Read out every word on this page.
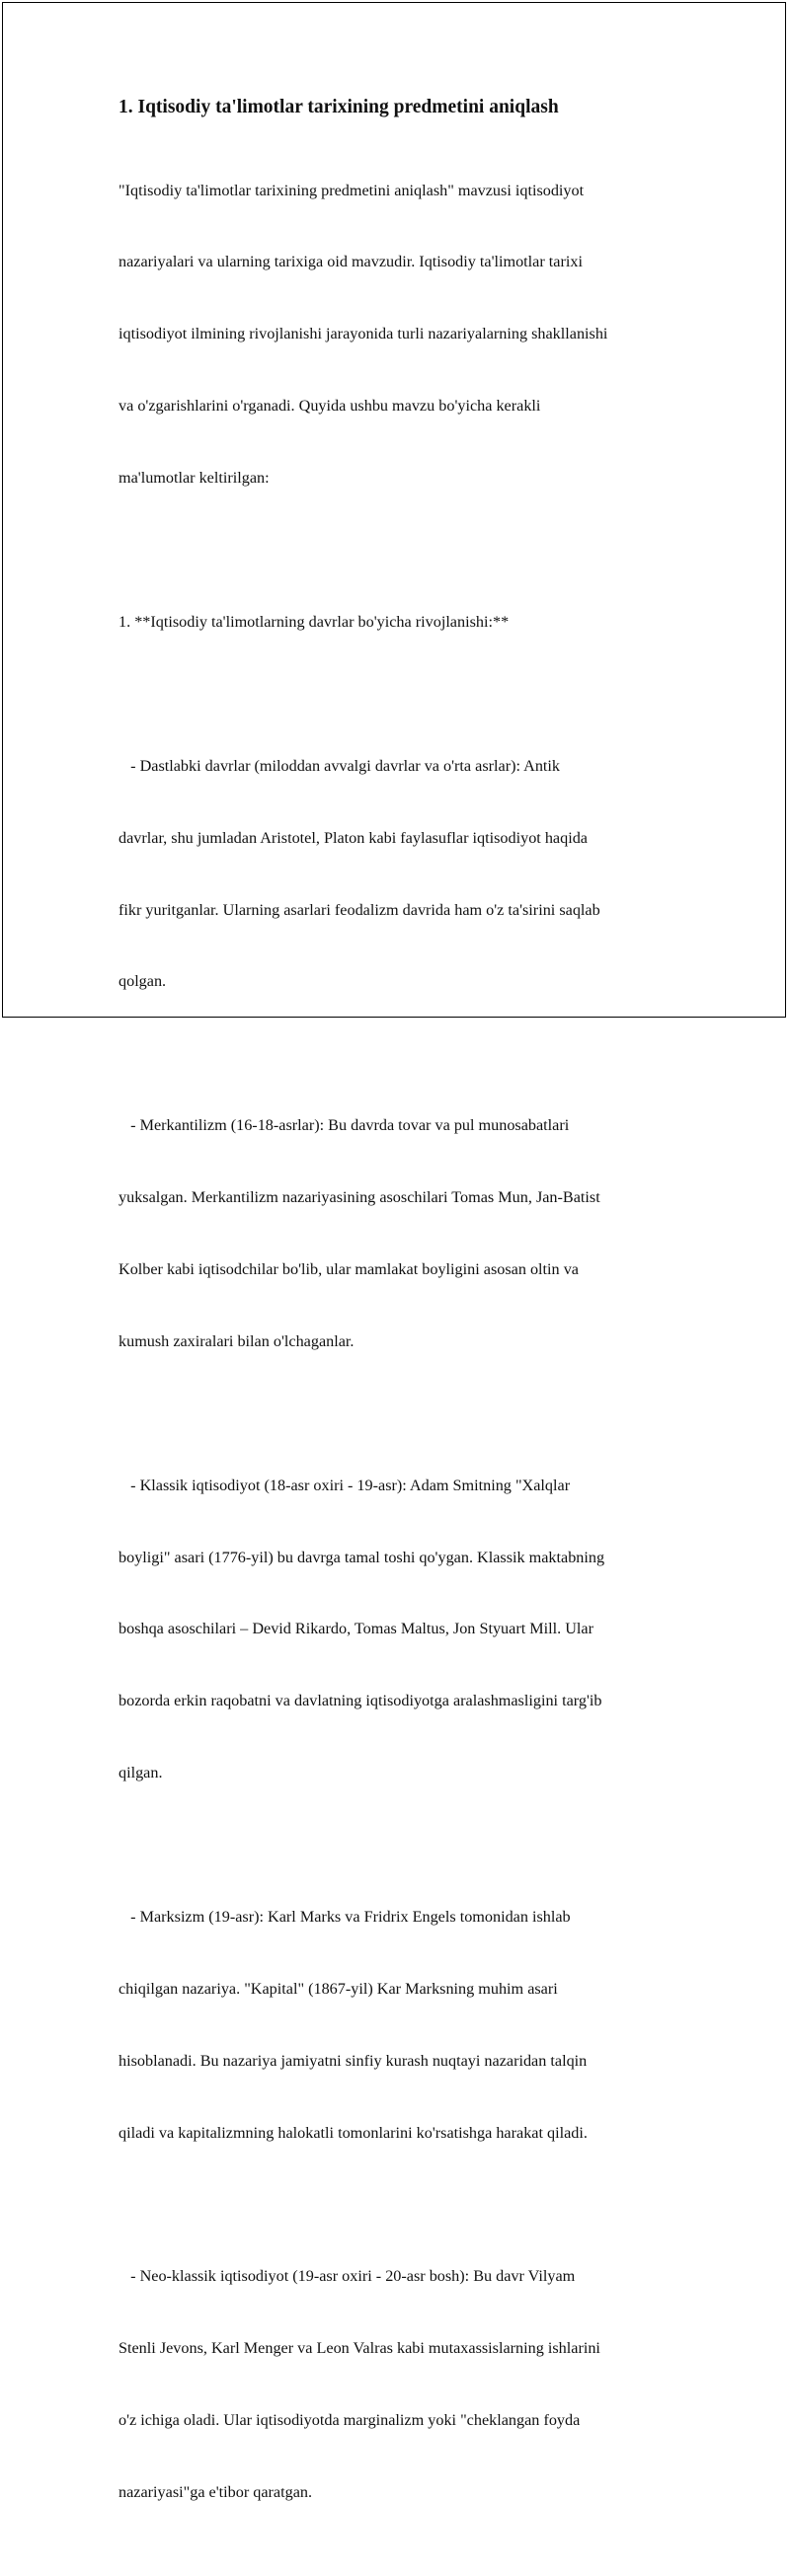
1. Iqtisodiy ta'limotlar tarixining predmetini aniqlash

"Iqtisodiy ta'limotlar tarixining predmetini aniqlash" mavzusi iqtisodiyot

nazariyalari va ularning tarixiga oid mavzudir. Iqtisodiy ta'limotlar tarixi

iqtisodiyot ilmining rivojlanishi jarayonida turli nazariyalarning shakllanishi

va o'zgarishlarini o'rganadi. Quyida ushbu mavzu bo'yicha kerakli

ma'lumotlar keltirilgan:

1. **Iqtisodiy ta'limotlarning davrlar bo'yicha rivojlanishi:**

- Dastlabki davrlar (miloddan avvalgi davrlar va o'rta asrlar): Antik

davrlar, shu jumladan Aristotel, Platon kabi faylasuflar iqtisodiyot haqida

fikr yuritganlar. Ularning asarlari feodalizm davrida ham o'z ta'sirini saqlab

qolgan.

- Merkantilizm (16-18-asrlar): Bu davrda tovar va pul munosabatlari

yuksalgan. Merkantilizm nazariyasining asoschilari Tomas Mun, Jan-Batist

Kolber kabi iqtisodchilar bo'lib, ular mamlakat boyligini asosan oltin va

kumush zaxiralari bilan o'lchaganlar.

- Klassik iqtisodiyot (18-asr oxiri - 19-asr): Adam Smitning "Xalqlar

boyligi" asari (1776-yil) bu davrga tamal toshi qo'ygan. Klassik maktabning

boshqa asoschilari – Devid Rikardo, Tomas Maltus, Jon Styuart Mill. Ular

bozorda erkin raqobatni va davlatning iqtisodiyotga aralashmasligini targ'ib

qilgan.

- Marksizm (19-asr): Karl Marks va Fridrix Engels tomonidan ishlab

chiqilgan nazariya. "Kapital" (1867-yil) Kar Marksning muhim asari

hisoblanadi. Bu nazariya jamiyatni sinfiy kurash nuqtayi nazaridan talqin

qiladi va kapitalizmning halokatli tomonlarini ko'rsatishga harakat qiladi.

- Neo-klassik iqtisodiyot (19-asr oxiri - 20-asr bosh): Bu davr Vilyam

Stenli Jevons, Karl Menger va Leon Valras kabi mutaxassislarning ishlarini

o'z ichiga oladi. Ular iqtisodiyotda marginalizm yoki "cheklangan foyda

nazariyasi"ga e'tibor qaratgan.
